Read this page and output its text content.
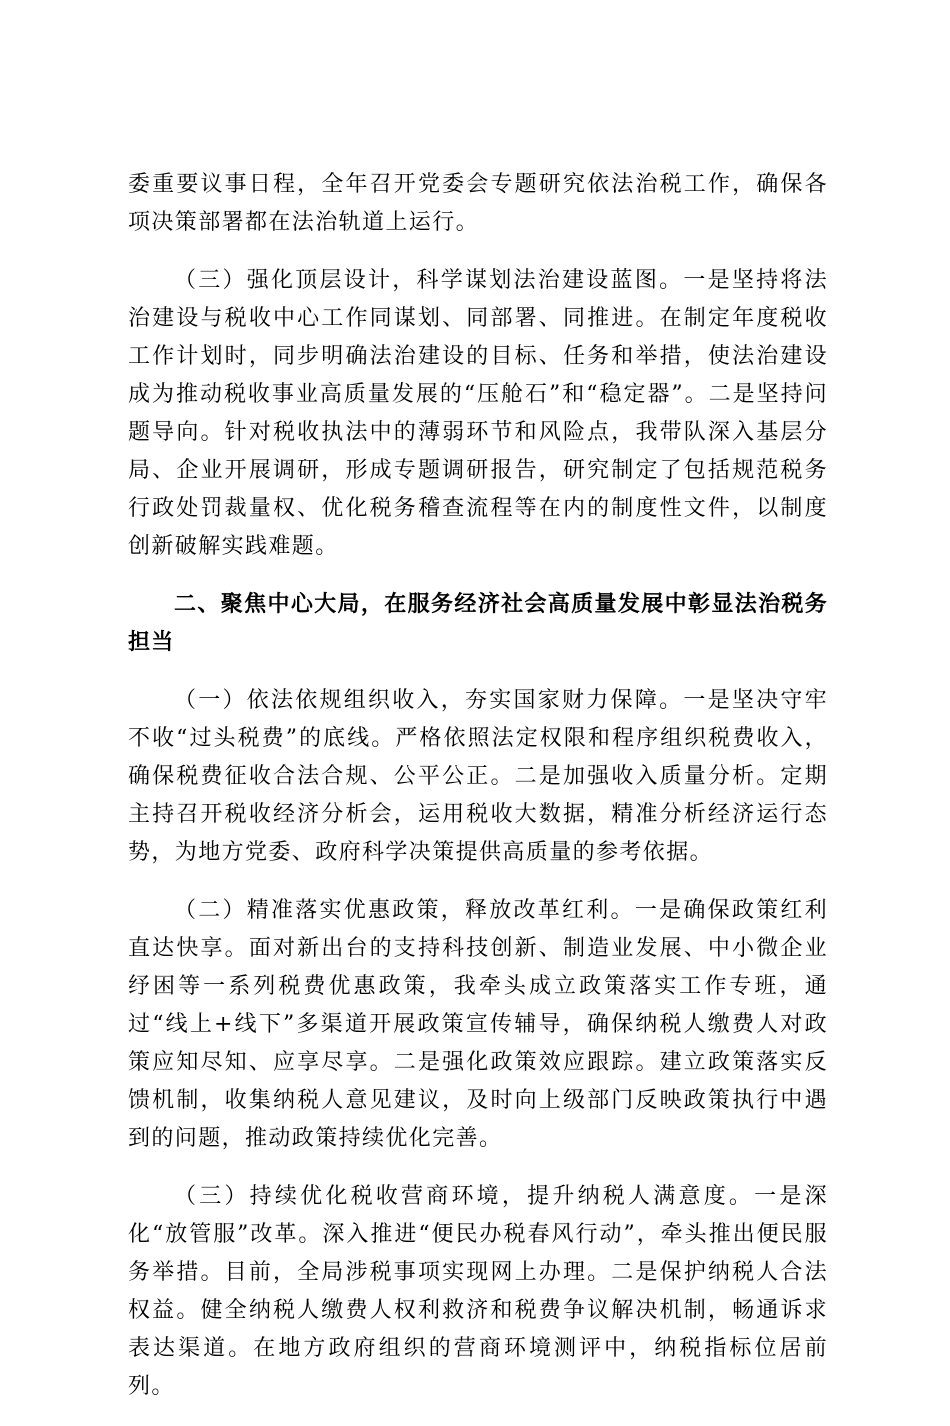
委重要议事日程，全年召开党委会专题研究依法治税工作，确保各项决策部署都在法治轨道上运行。

（三）强化顶层设计，科学谋划法治建设蓝图。一是坚持将法治建设与税收中心工作同谋划、同部署、同推进。在制定年度税收工作计划时，同步明确法治建设的目标、任务和举措，使法治建设成为推动税收事业高质量发展的“压舱石”和“稳定器”。二是坚持问题导向。针对税收执法中的薄弱环节和风险点，我带队深入基层分局、企业开展调研，形成专题调研报告，研究制定了包括规范税务行政处罚裁量权、优化税务稽查流程等在内的制度性文件，以制度创新破解实践难题。

二、聚焦中心大局，在服务经济社会高质量发展中彰显法治税务担当

（一）依法依规组织收入，夯实国家财力保障。一是坚决守牢不收“过头税费”的底线。严格依照法定权限和程序组织税费收入，确保税费征收合法合规、公平公正。二是加强收入质量分析。定期主持召开税收经济分析会，运用税收大数据，精准分析经济运行态势，为地方党委、政府科学决策提供高质量的参考依据。

（二）精准落实优惠政策，释放改革红利。一是确保政策红利直达快享。面对新出台的支持科技创新、制造业发展、中小微企业纾困等一系列税费优惠政策，我牵头成立政策落实工作专班，通过“线上+线下”多渠道开展政策宣传辅导，确保纳税人缴费人对政策应知尽知、应享尽享。二是强化政策效应跟踪。建立政策落实反馈机制，收集纳税人意见建议，及时向上级部门反映政策执行中遇到的问题，推动政策持续优化完善。

（三）持续优化税收营商环境，提升纳税人满意度。一是深化“放管服”改革。深入推进“便民办税春风行动”，牵头推出便民服务举措。目前，全局涉税事项实现网上办理。二是保护纳税人合法权益。健全纳税人缴费人权利救济和税费争议解决机制，畅通诉求表达渠道。在地方政府组织的营商环境测评中，纳税指标位居前列。
